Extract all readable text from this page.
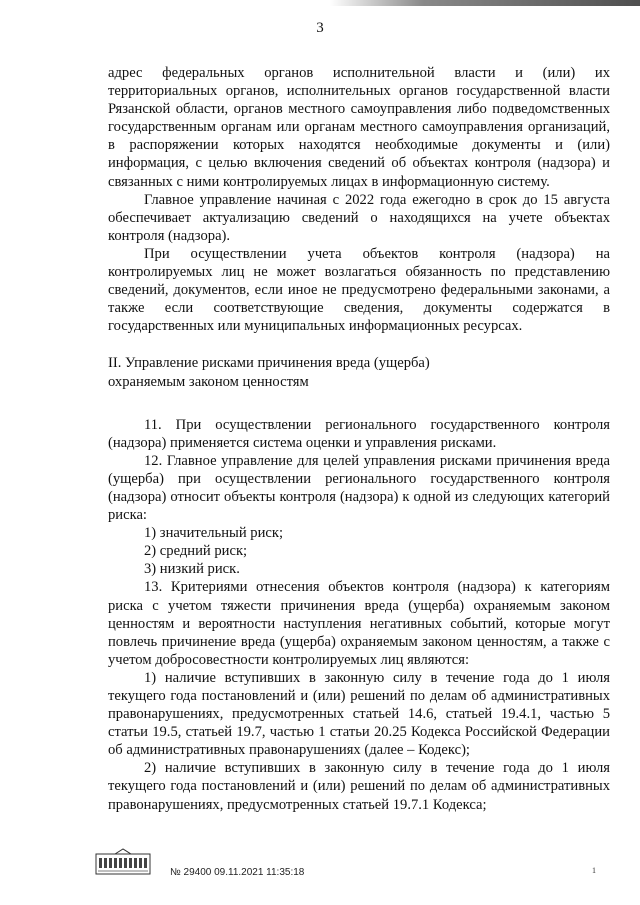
3

адрес федеральных органов исполнительной власти и (или) их территориальных органов, исполнительных органов государственной власти Рязанской области, органов местного самоуправления либо подведомственных государственным органам или органам местного самоуправления организаций, в распоряжении которых находятся необходимые документы и (или) информация, с целью включения сведений об объектах контроля (надзора) и связанных с ними контролируемых лицах в информационную систему.

Главное управление начиная с 2022 года ежегодно в срок до 15 августа обеспечивает актуализацию сведений о находящихся на учете объектах контроля (надзора).

При осуществлении учета объектов контроля (надзора) на контролируемых лиц не может возлагаться обязанность по представлению сведений, документов, если иное не предусмотрено федеральными законами, а также если соответствующие сведения, документы содержатся в государственных или муниципальных информационных ресурсах.

II. Управление рисками причинения вреда (ущерба)
охраняемым законом ценностям

11. При осуществлении регионального государственного контроля (надзора) применяется система оценки и управления рисками.

12. Главное управление для целей управления рисками причинения вреда (ущерба) при осуществлении регионального государственного контроля (надзора) относит объекты контроля (надзора) к одной из следующих категорий риска:

1) значительный риск;

2) средний риск;

3) низкий риск.

13. Критериями отнесения объектов контроля (надзора) к категориям риска с учетом тяжести причинения вреда (ущерба) охраняемым законом ценностям и вероятности наступления негативных событий, которые могут повлечь причинение вреда (ущерба) охраняемым законом ценностям, а также с учетом добросовестности контролируемых лиц являются:

1) наличие вступивших в законную силу в течение года до 1 июля текущего года постановлений и (или) решений по делам об административных правонарушениях, предусмотренных статьей 14.6, статьей 19.4.1, частью 5 статьи 19.5, статьей 19.7, частью 1 статьи 20.25 Кодекса Российской Федерации об административных правонарушениях (далее – Кодекс);

2) наличие вступивших в законную силу в течение года до 1 июля текущего года постановлений и (или) решений по делам об административных правонарушениях, предусмотренных статьей 19.7.1 Кодекса;

№ 29400 09.11.2021 11:35:18	1
